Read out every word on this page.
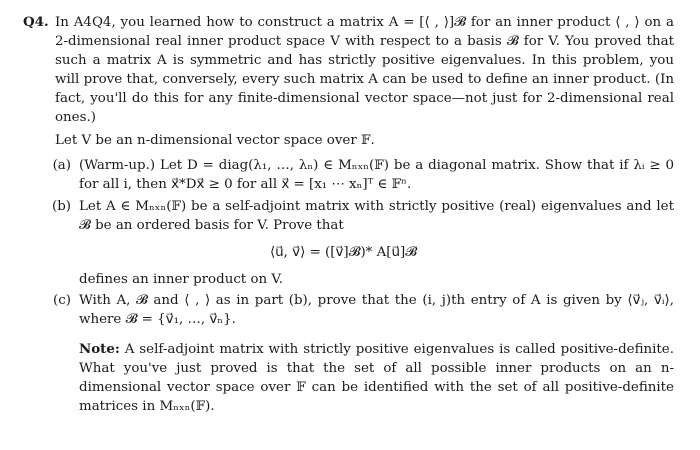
Q4. In A4Q4, you learned how to construct a matrix A = [⟨ , ⟩]𝓑 for an inner product ⟨ , ⟩ on a 2-dimensional real inner product space V with respect to a basis 𝓑 for V. You proved that such a matrix A is symmetric and has strictly positive eigenvalues. In this problem, you will prove that, conversely, every such matrix A can be used to define an inner product. (In fact, you'll do this for any finite-dimensional vector space—not just for 2-dimensional real ones.)

Let V be an n-dimensional vector space over 𝔽.

(a) (Warm-up.) Let D = diag(λ₁, …, λₙ) ∈ Mₙₓₙ(𝔽) be a diagonal matrix. Show that if λᵢ ≥ 0 for all i, then x⃗*Dx⃗ ≥ 0 for all x⃗ = [x₁ ⋯ xₙ]ᵀ ∈ 𝔽ⁿ.
(b) Let A ∈ Mₙₓₙ(𝔽) be a self-adjoint matrix with strictly positive (real) eigenvalues and let 𝓑 be an ordered basis for V. Prove that
⟨u⃗, v⃗⟩ = ([v⃗]𝓑)* A[u⃗]𝓑

defines an inner product on V.

(c) With A, 𝓑 and ⟨ , ⟩ as in part (b), prove that the (i, j)th entry of A is given by ⟨v⃗ⱼ, v⃗ᵢ⟩, where 𝓑 = {v⃗₁, …, v⃗ₙ}.

Note: A self-adjoint matrix with strictly positive eigenvalues is called positive-definite. What you've just proved is that the set of all possible inner products on an n-dimensional vector space over 𝔽 can be identified with the set of all positive-definite matrices in Mₙₓₙ(𝔽).
